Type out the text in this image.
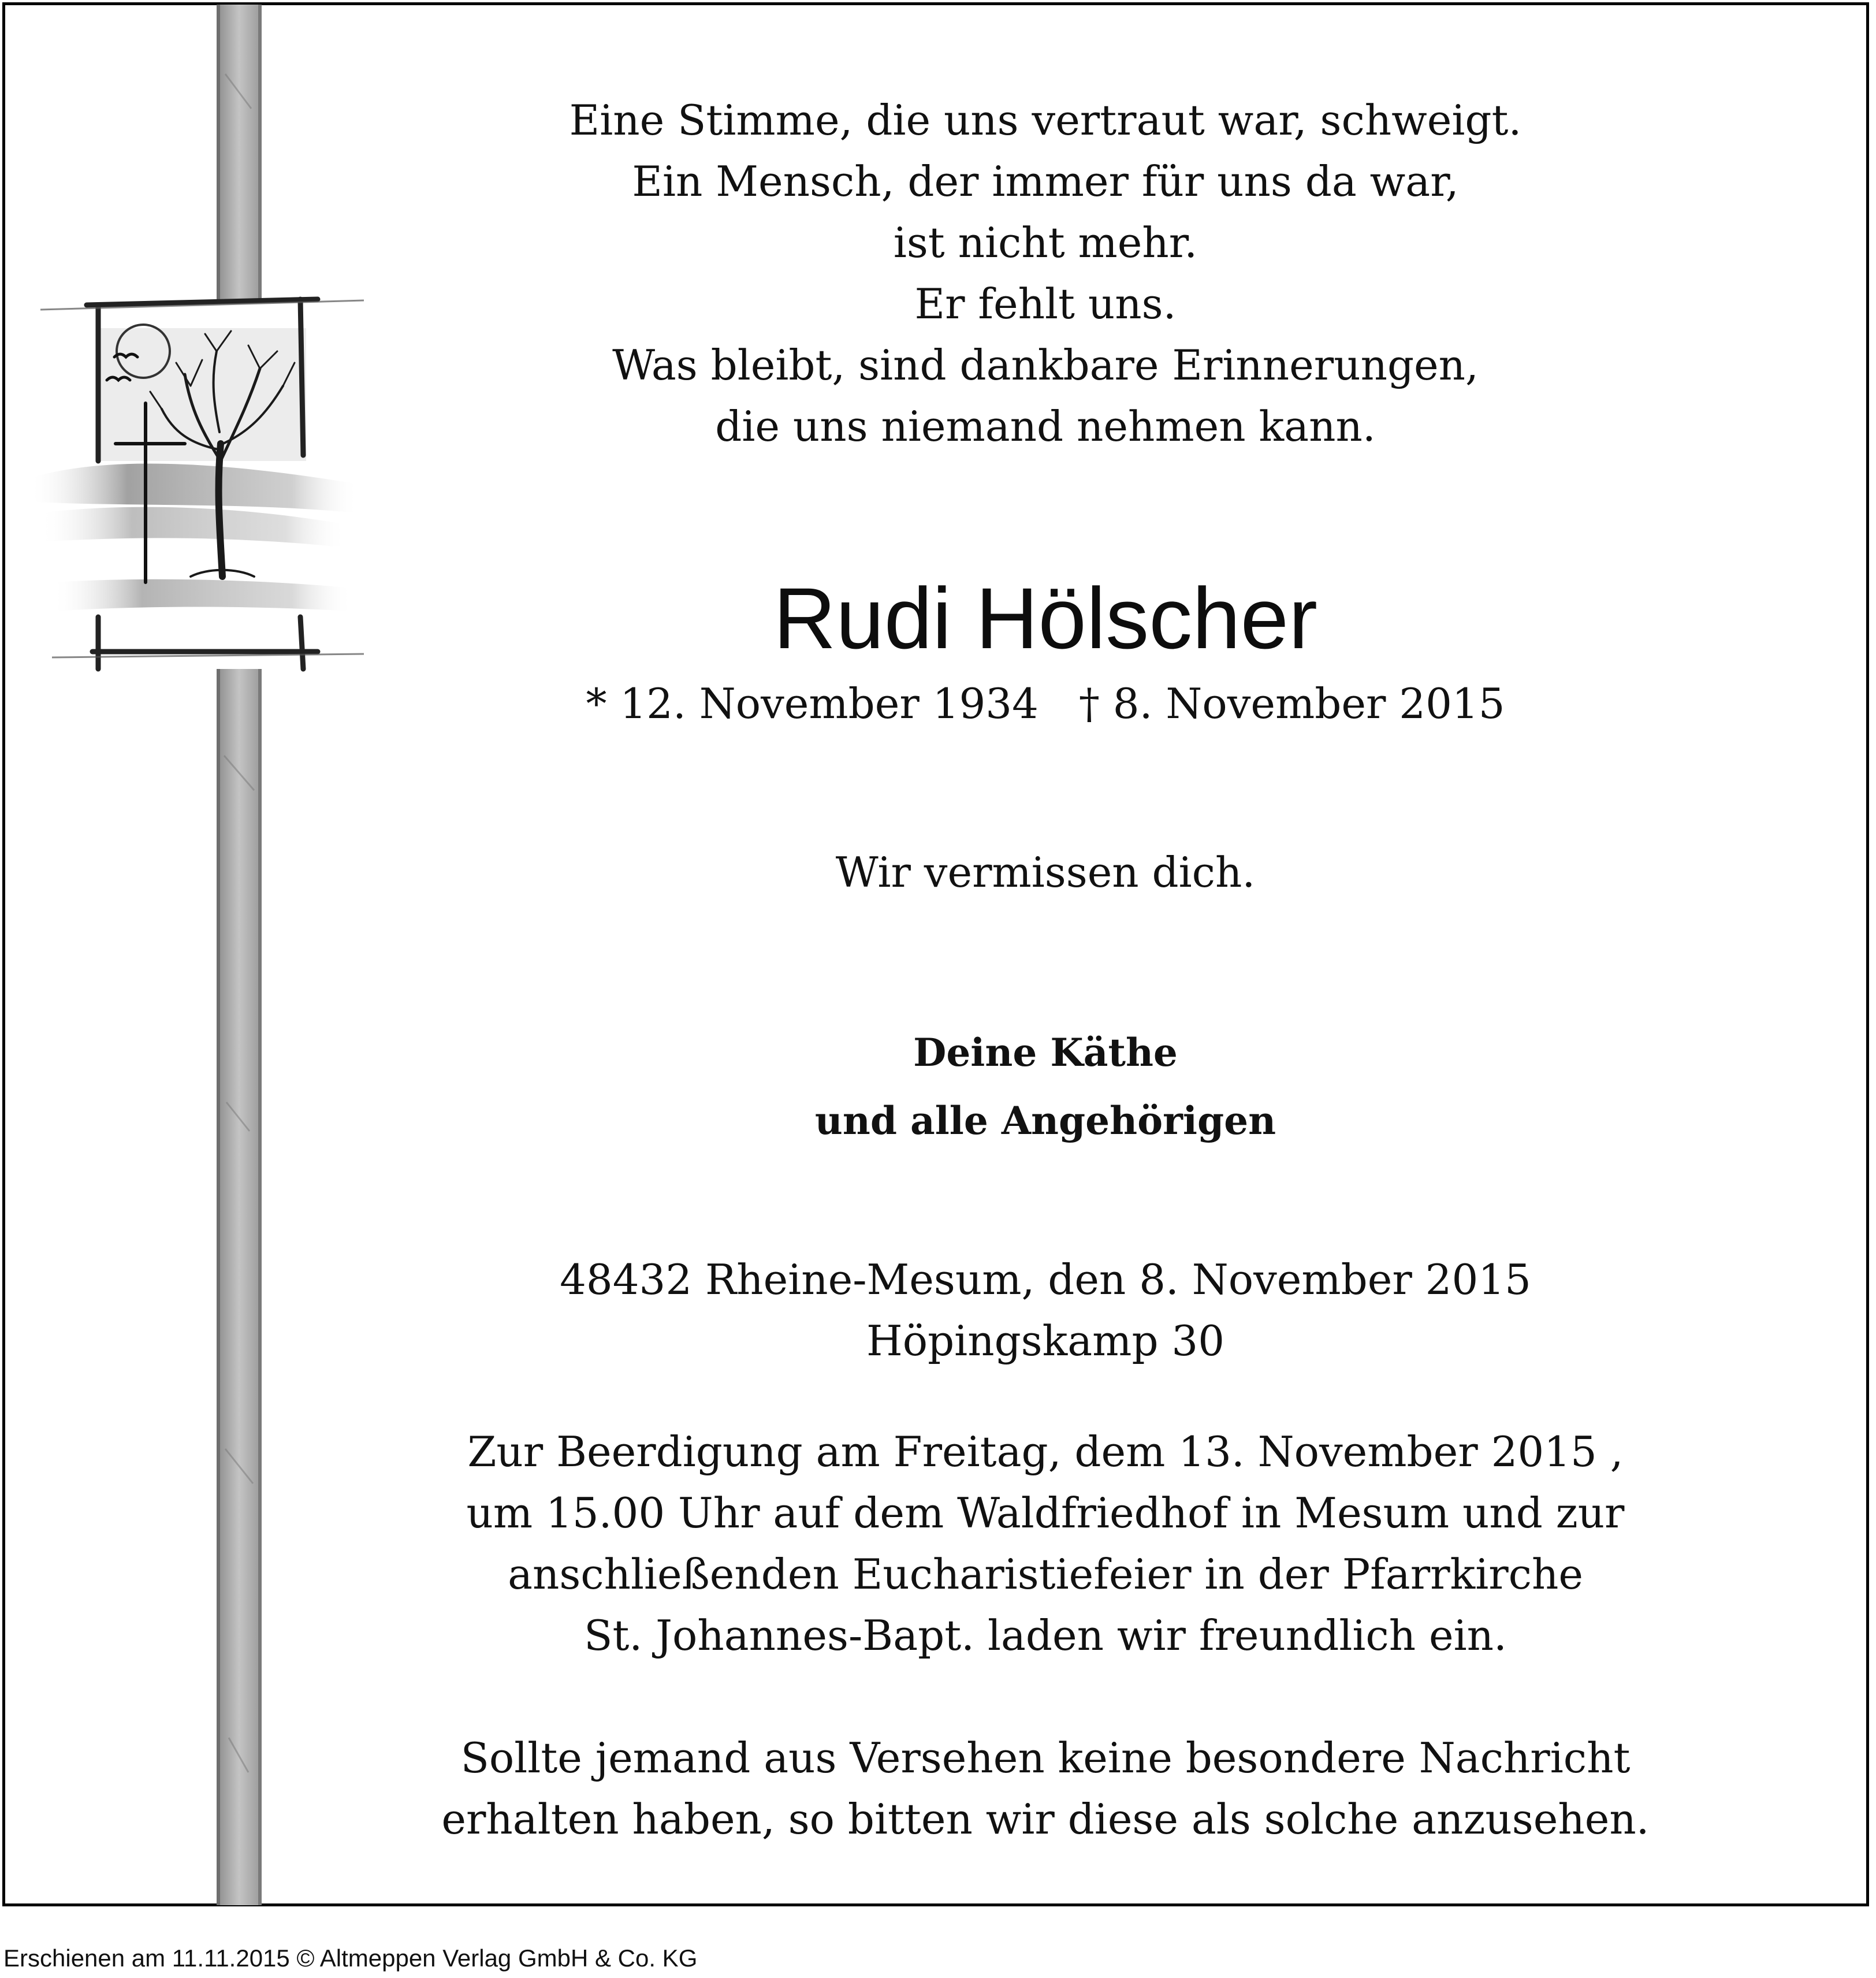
Eine Stimme, die uns vertraut war, schweigt.
Ein Mensch, der immer für uns da war,
ist nicht mehr.
Er fehlt uns.
Was bleibt, sind dankbare Erinnerungen,
die uns niemand nehmen kann.
Rudi Hölscher
* 12. November 1934 † 8. November 2015
Wir vermissen dich.
Deine Käthe
und alle Angehörigen
48432 Rheine-Mesum, den 8. November 2015
Höpingskamp 30
Zur Beerdigung am Freitag, dem 13. November 2015 ,
um 15.00 Uhr auf dem Waldfriedhof in Mesum und zur
anschließenden Eucharistiefeier in der Pfarrkirche
St. Johannes-Bapt. laden wir freundlich ein.
Sollte jemand aus Versehen keine besondere Nachricht
erhalten haben, so bitten wir diese als solche anzusehen.
Erschienen am 11.11.2015 © Altmeppen Verlag GmbH & Co. KG
